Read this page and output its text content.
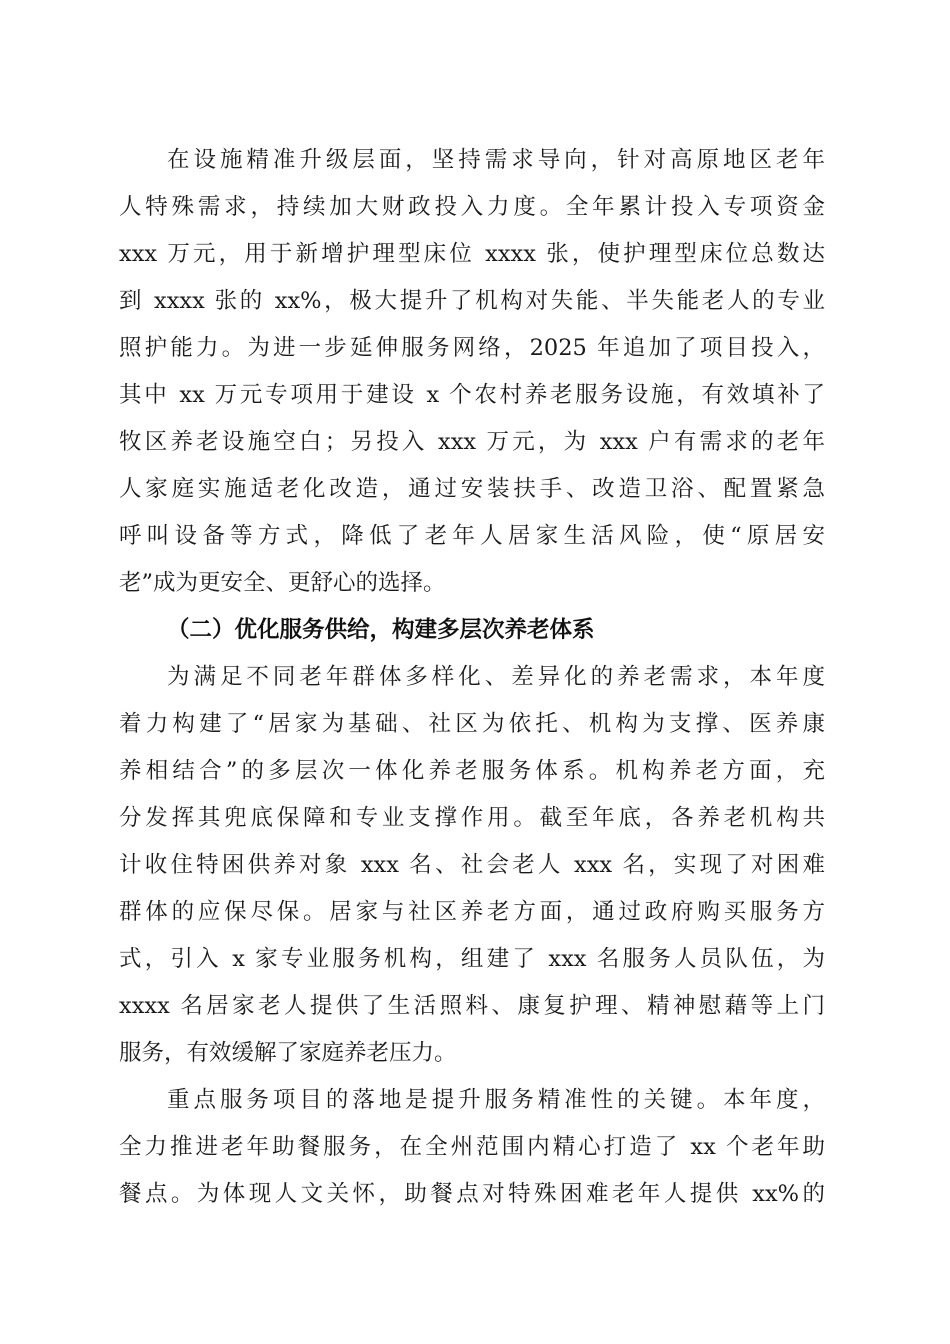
在设施精准升级层面，坚持需求导向，针对高原地区老年

人特殊需求，持续加大财政投入力度。全年累计投入专项资金

xxx 万元，用于新增护理型床位 xxxx 张，使护理型床位总数达

到 xxxx 张的 xx%，极大提升了机构对失能、半失能老人的专业

照护能力。为进一步延伸服务网络，2025 年追加了项目投入，

其中 xx 万元专项用于建设 x 个农村养老服务设施，有效填补了

牧区养老设施空白；另投入 xxx 万元，为 xxx 户有需求的老年

人家庭实施适老化改造，通过安装扶手、改造卫浴、配置紧急

呼叫设备等方式，降低了老年人居家生活风险，使“原居安

老”成为更安全、更舒心的选择。

（二）优化服务供给，构建多层次养老体系

为满足不同老年群体多样化、差异化的养老需求，本年度

着力构建了“居家为基础、社区为依托、机构为支撑、医养康

养相结合”的多层次一体化养老服务体系。机构养老方面，充

分发挥其兜底保障和专业支撑作用。截至年底，各养老机构共

计收住特困供养对象 xxx 名、社会老人 xxx 名，实现了对困难

群体的应保尽保。居家与社区养老方面，通过政府购买服务方

式，引入 x 家专业服务机构，组建了 xxx 名服务人员队伍，为

xxxx 名居家老人提供了生活照料、康复护理、精神慰藉等上门

服务，有效缓解了家庭养老压力。

重点服务项目的落地是提升服务精准性的关键。本年度，

全力推进老年助餐服务，在全州范围内精心打造了 xx 个老年助

餐点。为体现人文关怀，助餐点对特殊困难老年人提供 xx%的
